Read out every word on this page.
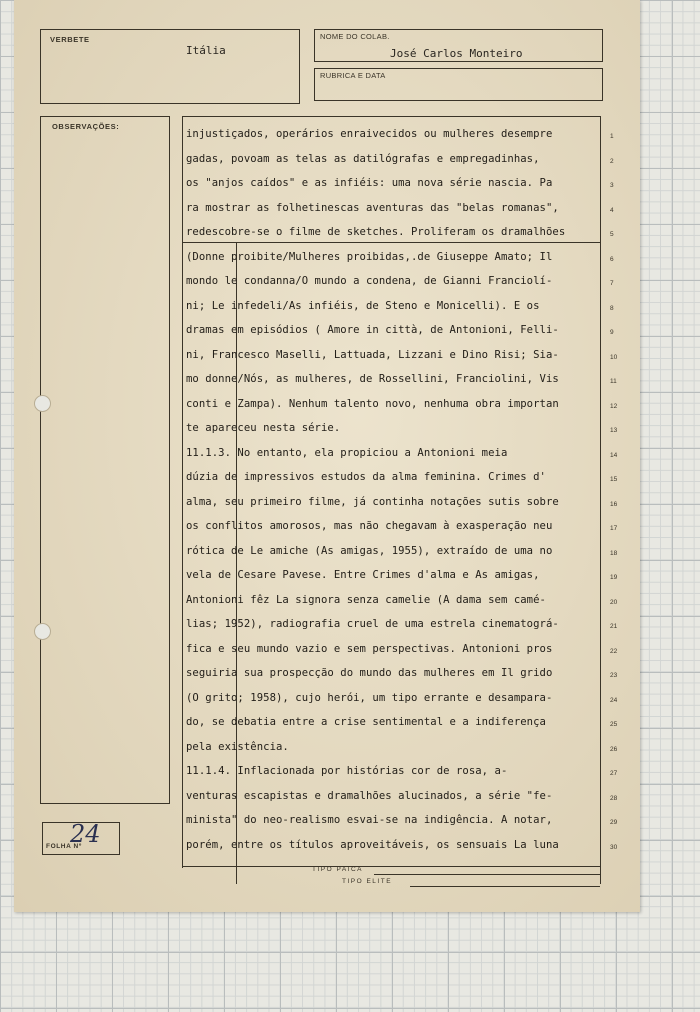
VERBETE
Itália
NOME DO COLAB.
José Carlos Monteiro
RUBRICA E DATA
OBSERVAÇÕES:
FOLHA Nº
24
injustiçados, operários enraivecidos ou mulheres desempre
gadas, povoam as telas as datilógrafas e empregadinhas,
os "anjos caídos" e as infiéis: uma nova série nascia. Pa
ra mostrar as folhetinescas aventuras das "belas romanas",
redescobre-se o filme de sketches. Proliferam os dramalhões
(Donne proibite/Mulheres proibidas,.de Giuseppe Amato; Il
mondo le condanna/O mundo a condena, de Gianni Franciolí-
ni; Le infedeli/As infiéis, de Steno e Monicelli). E os
dramas em episódios ( Amore in città, de Antonioni, Felli-
ni, Francesco Maselli, Lattuada, Lizzani e Dino Risi; Sia-
mo donne/Nós, as mulheres, de Rossellini, Franciolini, Vis
conti e Zampa). Nenhum talento novo, nenhuma obra importan
te apareceu nesta série.
11.1.3. No entanto, ela propiciou a Antonioni meia
dúzia de impressivos estudos da alma feminina. Crimes d'
alma, seu primeiro filme, já continha notações sutis sobre
os conflitos amorosos, mas não chegavam à exasperação neu
rótica de Le amiche (As amigas, 1955), extraído de uma no
vela de Cesare Pavese. Entre Crimes d'alma e As amigas,
Antonioni fêz La signora senza camelie (A dama sem camé-
lias; 1952), radiografia cruel de uma estrela cinematográ-
fica e seu mundo vazio e sem perspectivas. Antonioni pros
seguiria sua prospecção do mundo das mulheres em Il grido
(O grito; 1958), cujo herói, um tipo errante e desampara-
do, se debatia entre a crise sentimental e a indiferença
pela existência.
11.1.4. Inflacionada por histórias cor de rosa, a-
venturas escapistas e dramalhões alucinados, a série "fe-
minista" do neo-realismo esvai-se na indigência. A notar,
porém, entre os títulos aproveitáveis, os sensuais La luna
1
2
3
4
5
6
7
8
9
10
11
12
13
14
15
16
17
18
19
20
21
22
23
24
25
26
27
28
29
30
TIPO PAICA
TIPO ELITE
